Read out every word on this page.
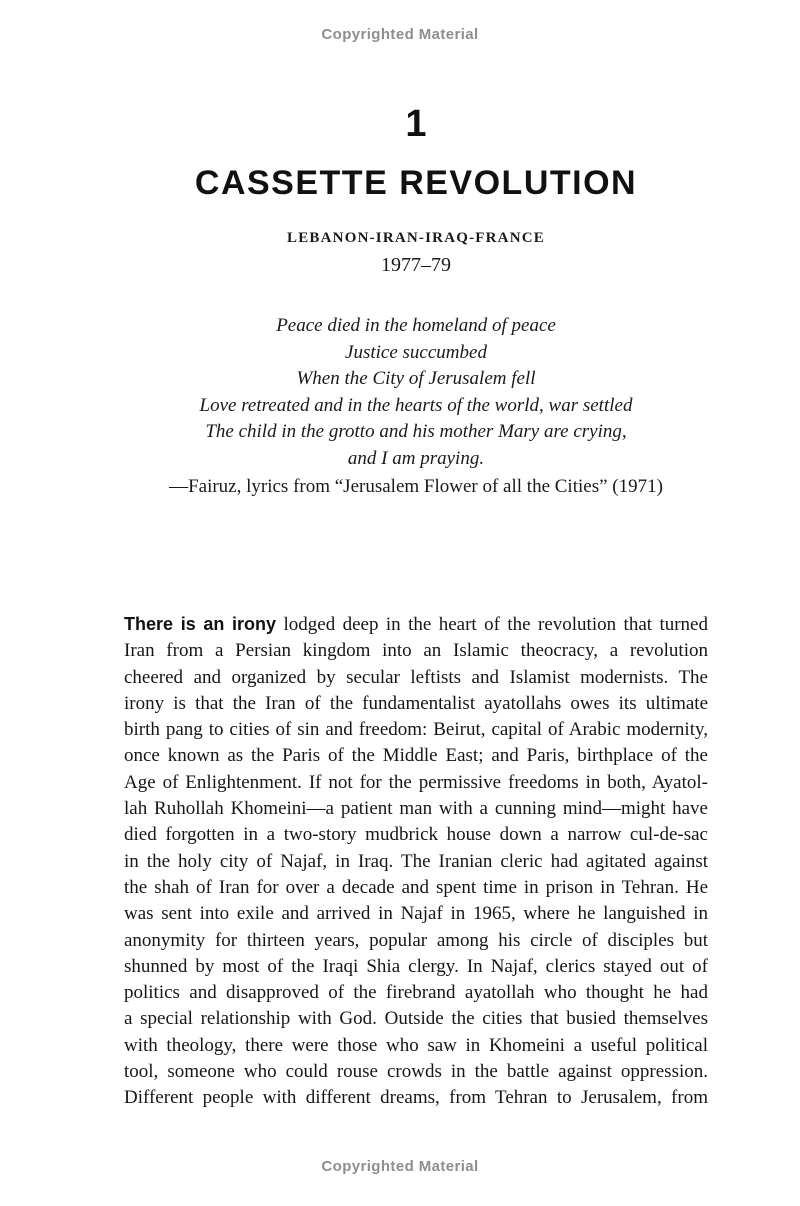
Copyrighted Material
1
CASSETTE REVOLUTION
LEBANON-IRAN-IRAQ-FRANCE
1977–79
Peace died in the homeland of peace
Justice succumbed
When the City of Jerusalem fell
Love retreated and in the hearts of the world, war settled
The child in the grotto and his mother Mary are crying,
and I am praying.
—Fairuz, lyrics from “Jerusalem Flower of all the Cities” (1971)
There is an irony lodged deep in the heart of the revolution that turned
Iran from a Persian kingdom into an Islamic theocracy, a revolution
cheered and organized by secular leftists and Islamist modernists. The
irony is that the Iran of the fundamentalist ayatollahs owes its ultimate
birth pang to cities of sin and freedom: Beirut, capital of Arabic modernity,
once known as the Paris of the Middle East; and Paris, birthplace of the
Age of Enlightenment. If not for the permissive freedoms in both, Ayatol-
lah Ruhollah Khomeini—a patient man with a cunning mind—might have
died forgotten in a two-story mudbrick house down a narrow cul-de-sac
in the holy city of Najaf, in Iraq. The Iranian cleric had agitated against
the shah of Iran for over a decade and spent time in prison in Tehran. He
was sent into exile and arrived in Najaf in 1965, where he languished in
anonymity for thirteen years, popular among his circle of disciples but
shunned by most of the Iraqi Shia clergy. In Najaf, clerics stayed out of
politics and disapproved of the firebrand ayatollah who thought he had
a special relationship with God. Outside the cities that busied themselves
with theology, there were those who saw in Khomeini a useful political
tool, someone who could rouse crowds in the battle against oppression.
Different people with different dreams, from Tehran to Jerusalem, from
Copyrighted Material
